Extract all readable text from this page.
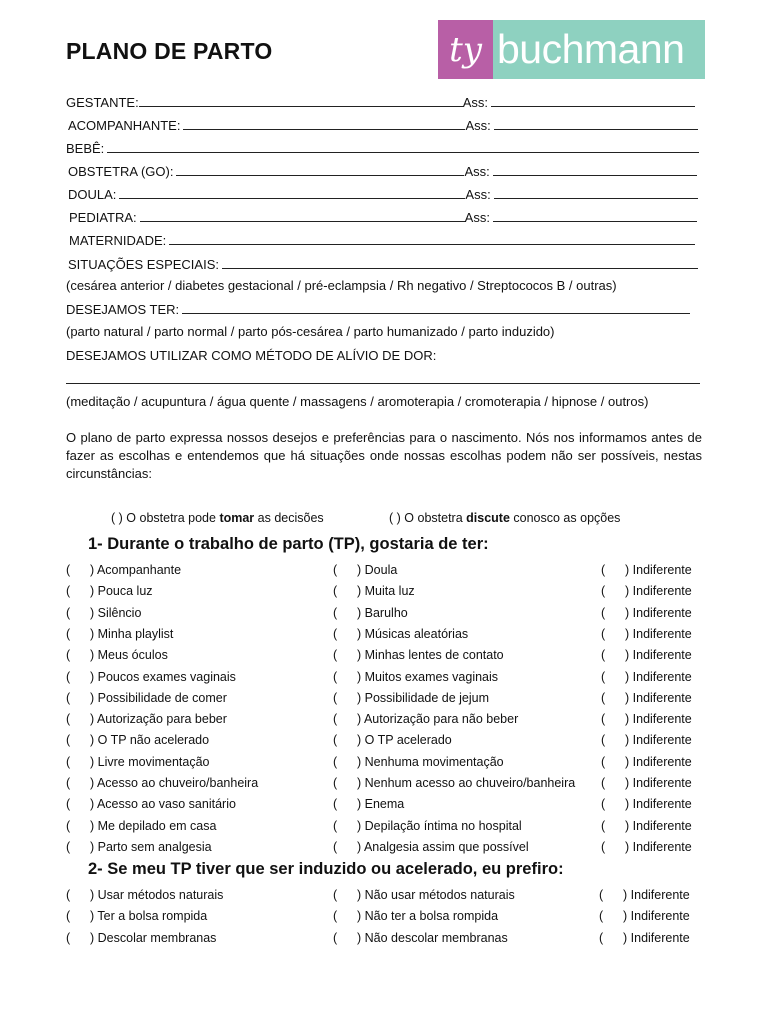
PLANO DE PARTO	ty buchmann
GESTANTE:	Ass:
ACOMPANHANTE:	Ass:
BEBÊ:
OBSTETRA (GO):	Ass:
DOULA:	Ass:
PEDIATRA:	Ass:
MATERNIDADE:
SITUAÇÕES ESPECIAIS:
(cesárea anterior / diabetes gestacional / pré-eclampsia / Rh negativo / Streptococos B / outras)
DESEJAMOS TER:
(parto natural / parto normal / parto pós-cesárea / parto humanizado / parto induzido)
DESEJAMOS UTILIZAR COMO MÉTODO DE ALÍVIO DE DOR:
(meditação / acupuntura / água quente / massagens / aromoterapia / cromoterapia / hipnose / outros)
O plano de parto expressa nossos desejos e preferências para o nascimento. Nós nos informamos antes de fazer as escolhas e entendemos que há situações onde nossas escolhas podem não ser possíveis, nestas circunstâncias:
( ) O obstetra pode tomar as decisões	( ) O obstetra discute conosco as opções
1- Durante o trabalho de parto (TP), gostaria de ter:
( ) Acompanhante	( ) Doula	( ) Indiferente
( ) Pouca luz	( ) Muita luz	( ) Indiferente
( ) Silêncio	( ) Barulho	( ) Indiferente
( ) Minha playlist	( ) Músicas aleatórias	( ) Indiferente
( ) Meus óculos	( ) Minhas lentes de contato	( ) Indiferente
( ) Poucos exames vaginais	( ) Muitos exames vaginais	( ) Indiferente
( ) Possibilidade de comer	( ) Possibilidade de jejum	( ) Indiferente
( ) Autorização para beber	( ) Autorização para não beber	( ) Indiferente
( ) O TP não acelerado	( ) O TP acelerado	( ) Indiferente
( ) Livre movimentação	( ) Nenhuma movimentação	( ) Indiferente
( ) Acesso ao chuveiro/banheira	( ) Nenhum acesso ao chuveiro/banheira ( ) Indiferente
( ) Acesso ao vaso sanitário	( ) Enema	( ) Indiferente
( ) Me depilado em casa	( ) Depilação íntima no hospital	( ) Indiferente
( ) Parto sem analgesia	( ) Analgesia assim que possível	( ) Indiferente
2- Se meu TP tiver que ser induzido ou acelerado, eu prefiro:
( ) Usar métodos naturais	( ) Não usar métodos naturais	( ) Indiferente
( ) Ter a bolsa rompida	( ) Não ter a bolsa rompida	( ) Indiferente
( ) Descolar membranas	( ) Não descolar membranas	( ) Indiferente
